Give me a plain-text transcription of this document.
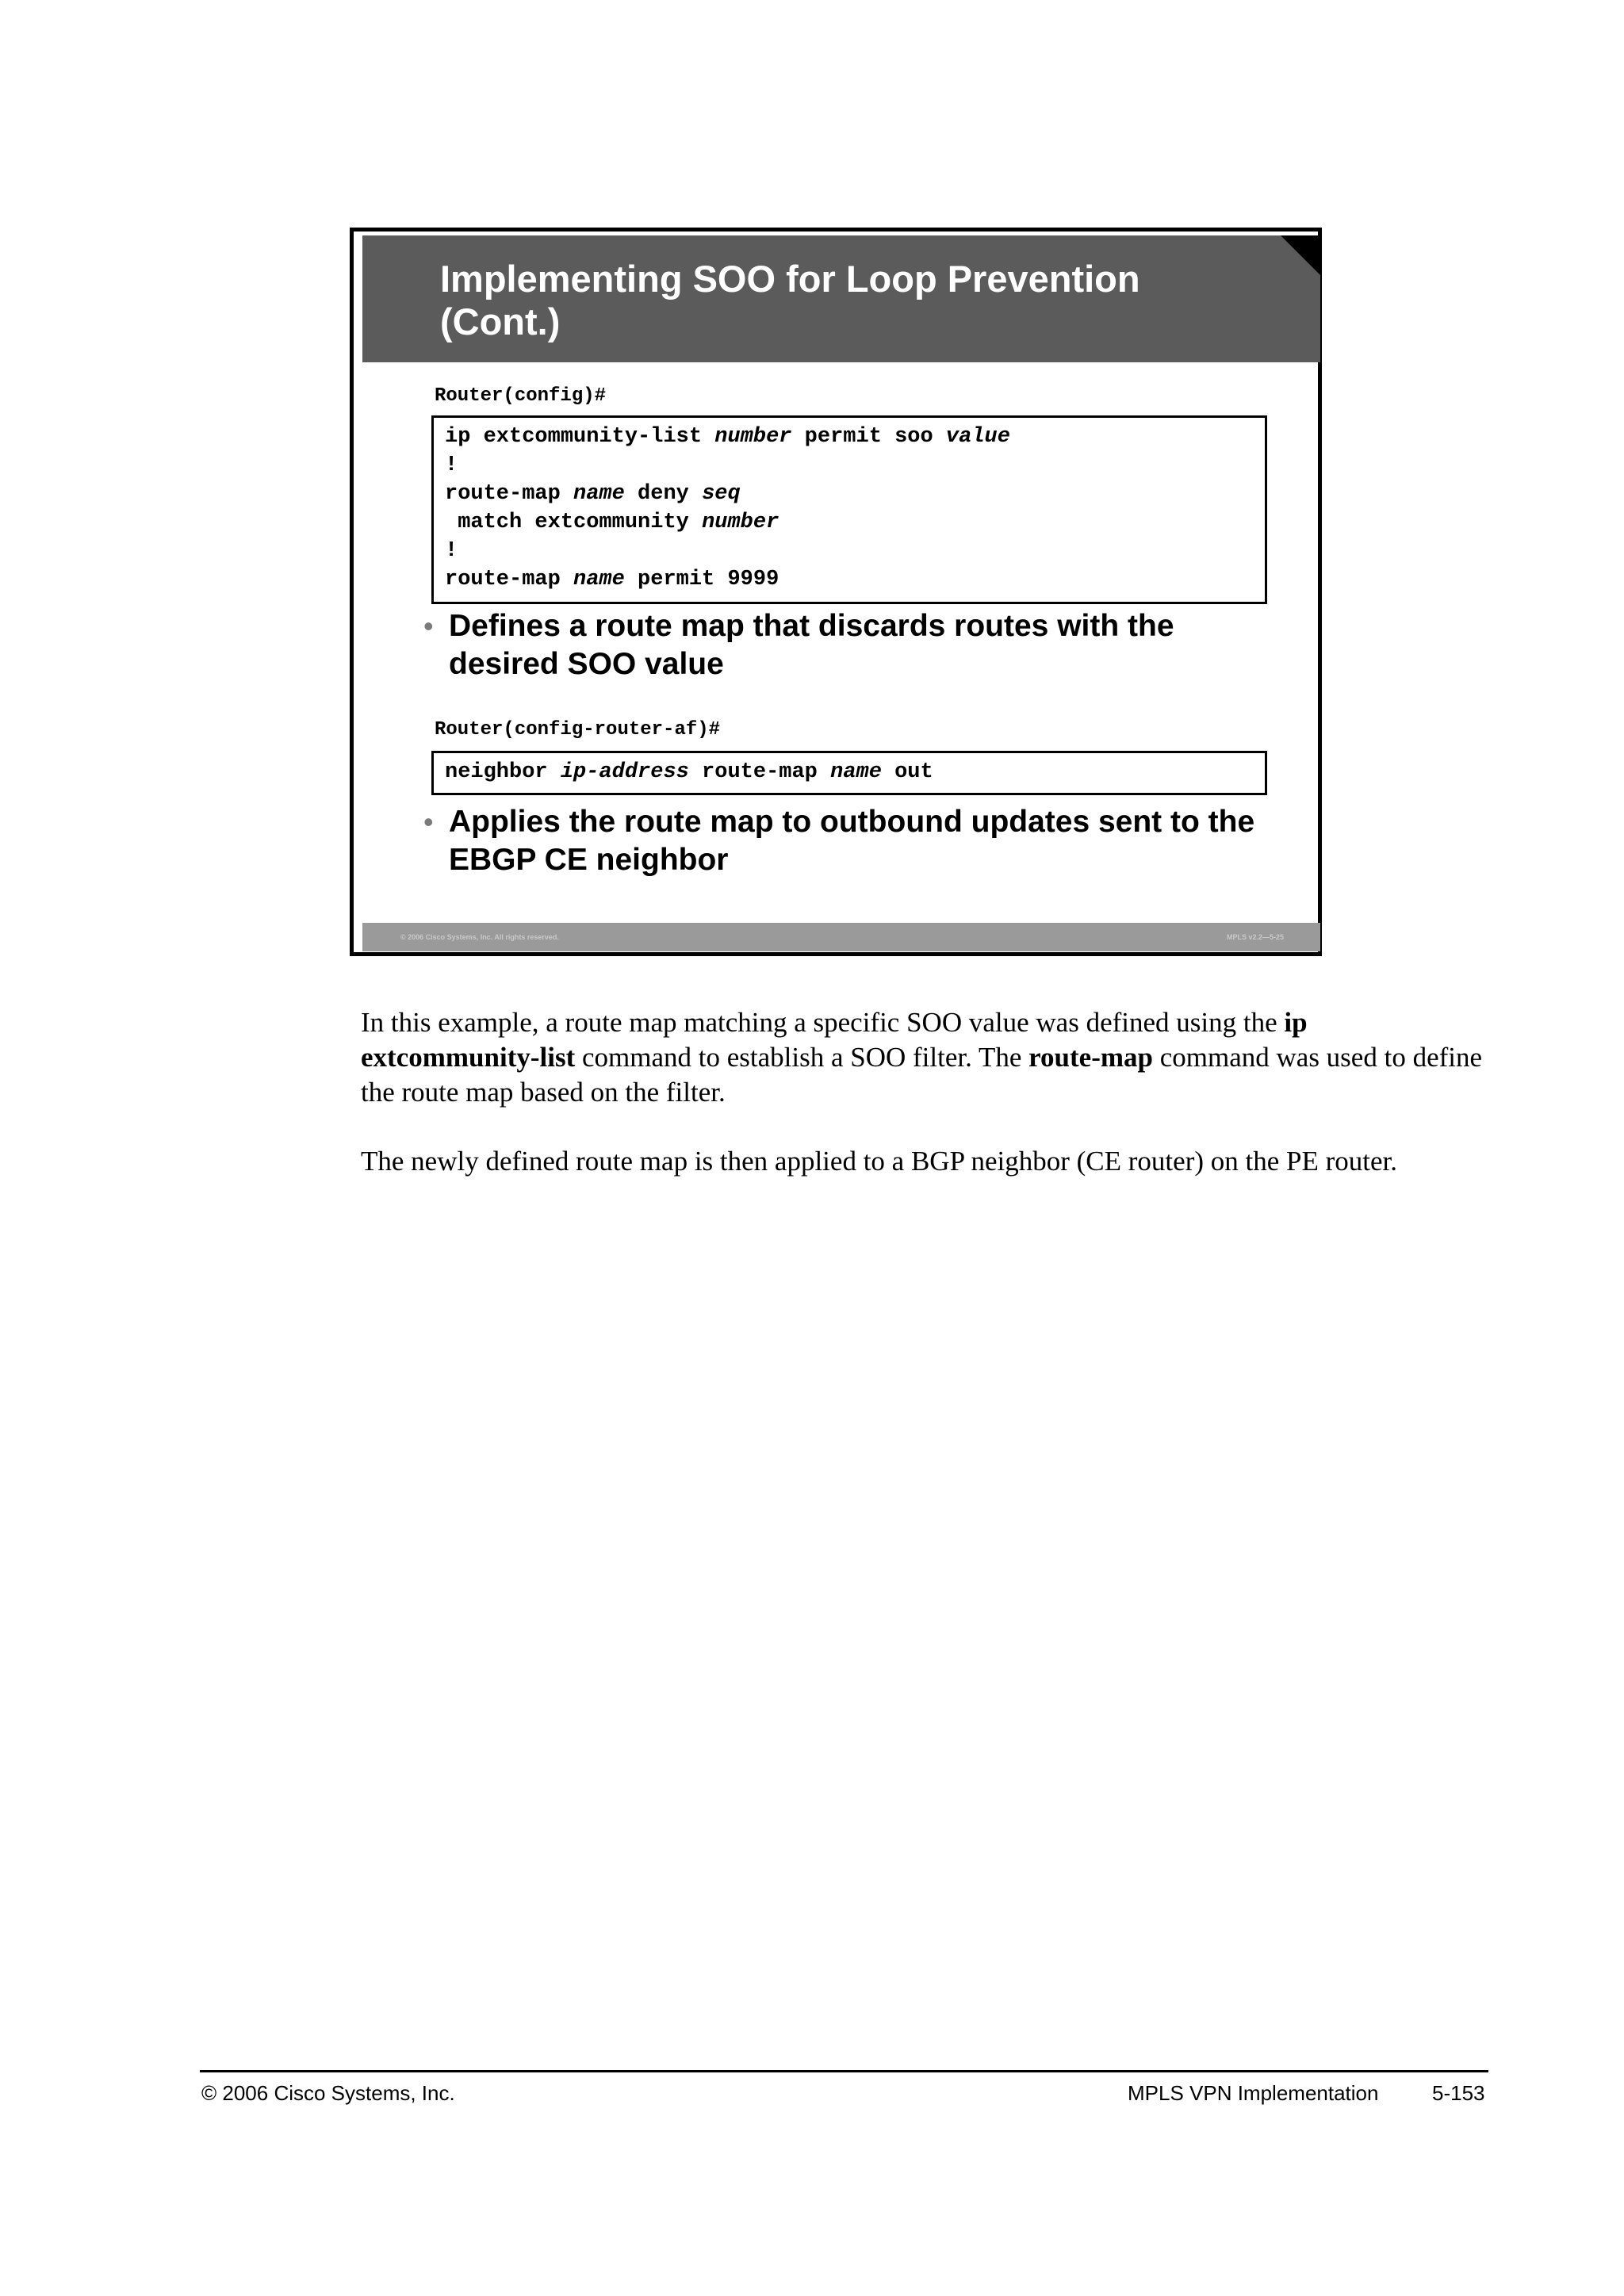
Implementing SOO for Loop Prevention
(Cont.)
Router(config)#
ip extcommunity-list number permit soo value
!
route-map name deny seq
match extcommunity number
!
route-map name permit 9999
• Defines a route map that discards routes with the desired SOO value
Router(config-router-af)#
neighbor ip-address route-map name out
• Applies the route map to outbound updates sent to the EBGP CE neighbor
© 2006 Cisco Systems, Inc. All rights reserved.	MPLS v2.2—5-25

In this example, a route map matching a specific SOO value was defined using the ip extcommunity-list command to establish a SOO filter. The route-map command was used to define the route map based on the filter.

The newly defined route map is then applied to a BGP neighbor (CE router) on the PE router.

© 2006 Cisco Systems, Inc.	MPLS VPN Implementation	5-153
